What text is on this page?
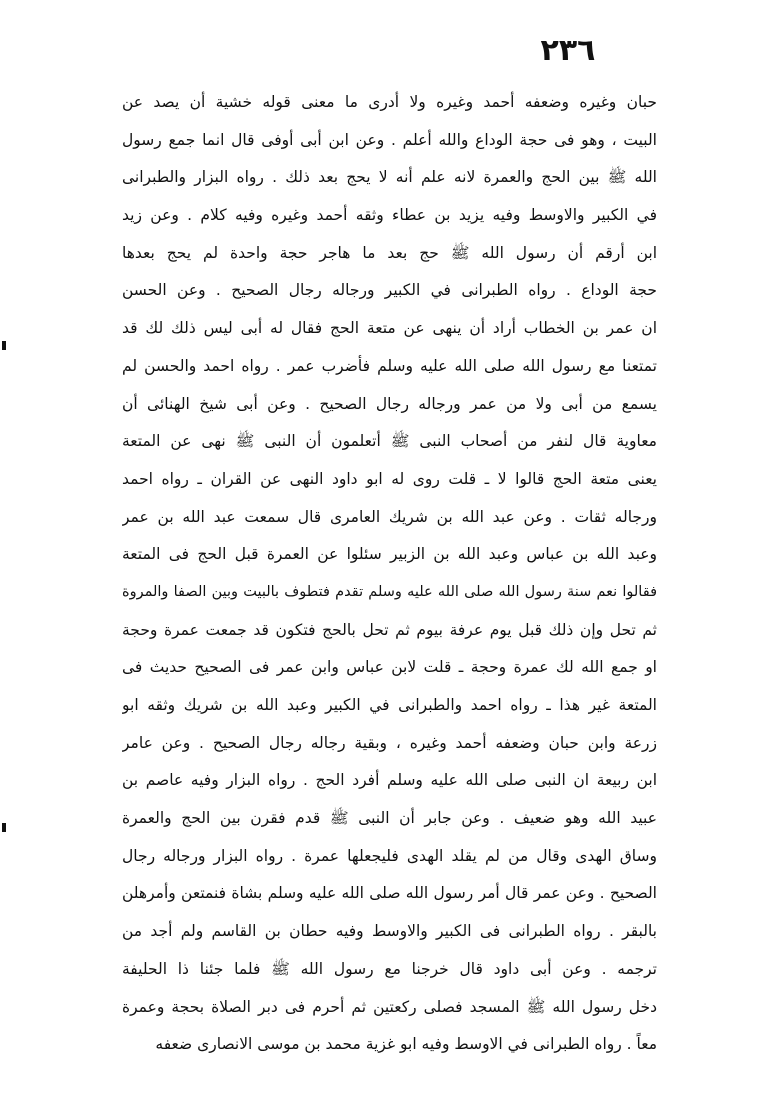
٢٣٦
حبان وغيره وضعفه أحمد وغيره ولا أدرى ما معنى قوله خشية أن يصد عن
البيت ، وهو فى حجة الوداع والله أعلم . وعن ابن أبى أوفى قال انما جمع رسول
الله ﷺ بين الحج والعمرة لانه علم أنه لا يحج بعد ذلك . رواه البزار والطبرانى
في الكبير والاوسط وفيه يزيد بن عطاء وثقه أحمد وغيره وفيه كلام . وعن زيد
ابن أرقم أن رسول الله ﷺ حج بعد ما هاجر حجة واحدة لم يحج بعدها
حجة الوداع . رواه الطبرانى في الكبير ورجاله رجال الصحيح . وعن الحسن
ان عمر بن الخطاب أراد أن ينهى عن متعة الحج فقال له أبى ليس ذلك لك قد
تمتعنا مع رسول الله صلى الله عليه وسلم فأضرب عمر . رواه احمد والحسن لم
يسمع من أبى ولا من عمر ورجاله رجال الصحيح . وعن أبى شيخ الهنائى أن
معاوية قال لنفر من أصحاب النبى ﷺ أتعلمون أن النبى ﷺ نهى عن المتعة
يعنى متعة الحج قالوا لا ـ قلت روى له ابو داود النهى عن القران ـ رواه احمد
ورجاله ثقات . وعن عبد الله بن شريك العامرى قال سمعت عبد الله بن عمر
وعبد الله بن عباس وعبد الله بن الزبير سئلوا عن العمرة قبل الحج فى المتعة
فقالوا نعم سنة رسول الله صلى الله عليه وسلم تقدم فتطوف بالبيت وبين الصفا والمروة
ثم تحل وإن ذلك قبل يوم عرفة بيوم ثم تحل بالحج فتكون قد جمعت عمرة وحجة
او جمع الله لك عمرة وحجة ـ قلت لابن عباس وابن عمر فى الصحيح حديث فى
المتعة غير هذا ـ رواه احمد والطبرانى في الكبير وعبد الله بن شريك وثقه ابو
زرعة وابن حبان وضعفه أحمد وغيره ، وبقية رجاله رجال الصحيح . وعن عامر
ابن ربيعة ان النبى صلى الله عليه وسلم أفرد الحج . رواه البزار وفيه عاصم بن
عبيد الله وهو ضعيف . وعن جابر أن النبى ﷺ قدم فقرن بين الحج والعمرة
وساق الهدى وقال من لم يقلد الهدى فليجعلها عمرة . رواه البزار ورجاله رجال
الصحيح . وعن عمر قال أمر رسول الله صلى الله عليه وسلم بشاة فنمتعن وأمرهلن
بالبقر . رواه الطبرانى فى الكبير والاوسط وفيه حطان بن القاسم ولم أجد من
ترجمه . وعن أبى داود قال خرجنا مع رسول الله ﷺ فلما جئنا ذا الحليفة
دخل رسول الله ﷺ المسجد فصلى ركعتين ثم أحرم فى دبر الصلاة بحجة وعمرة
معاً . رواه الطبرانى في الاوسط وفيه ابو غزية محمد بن موسى الانصارى ضعفه
